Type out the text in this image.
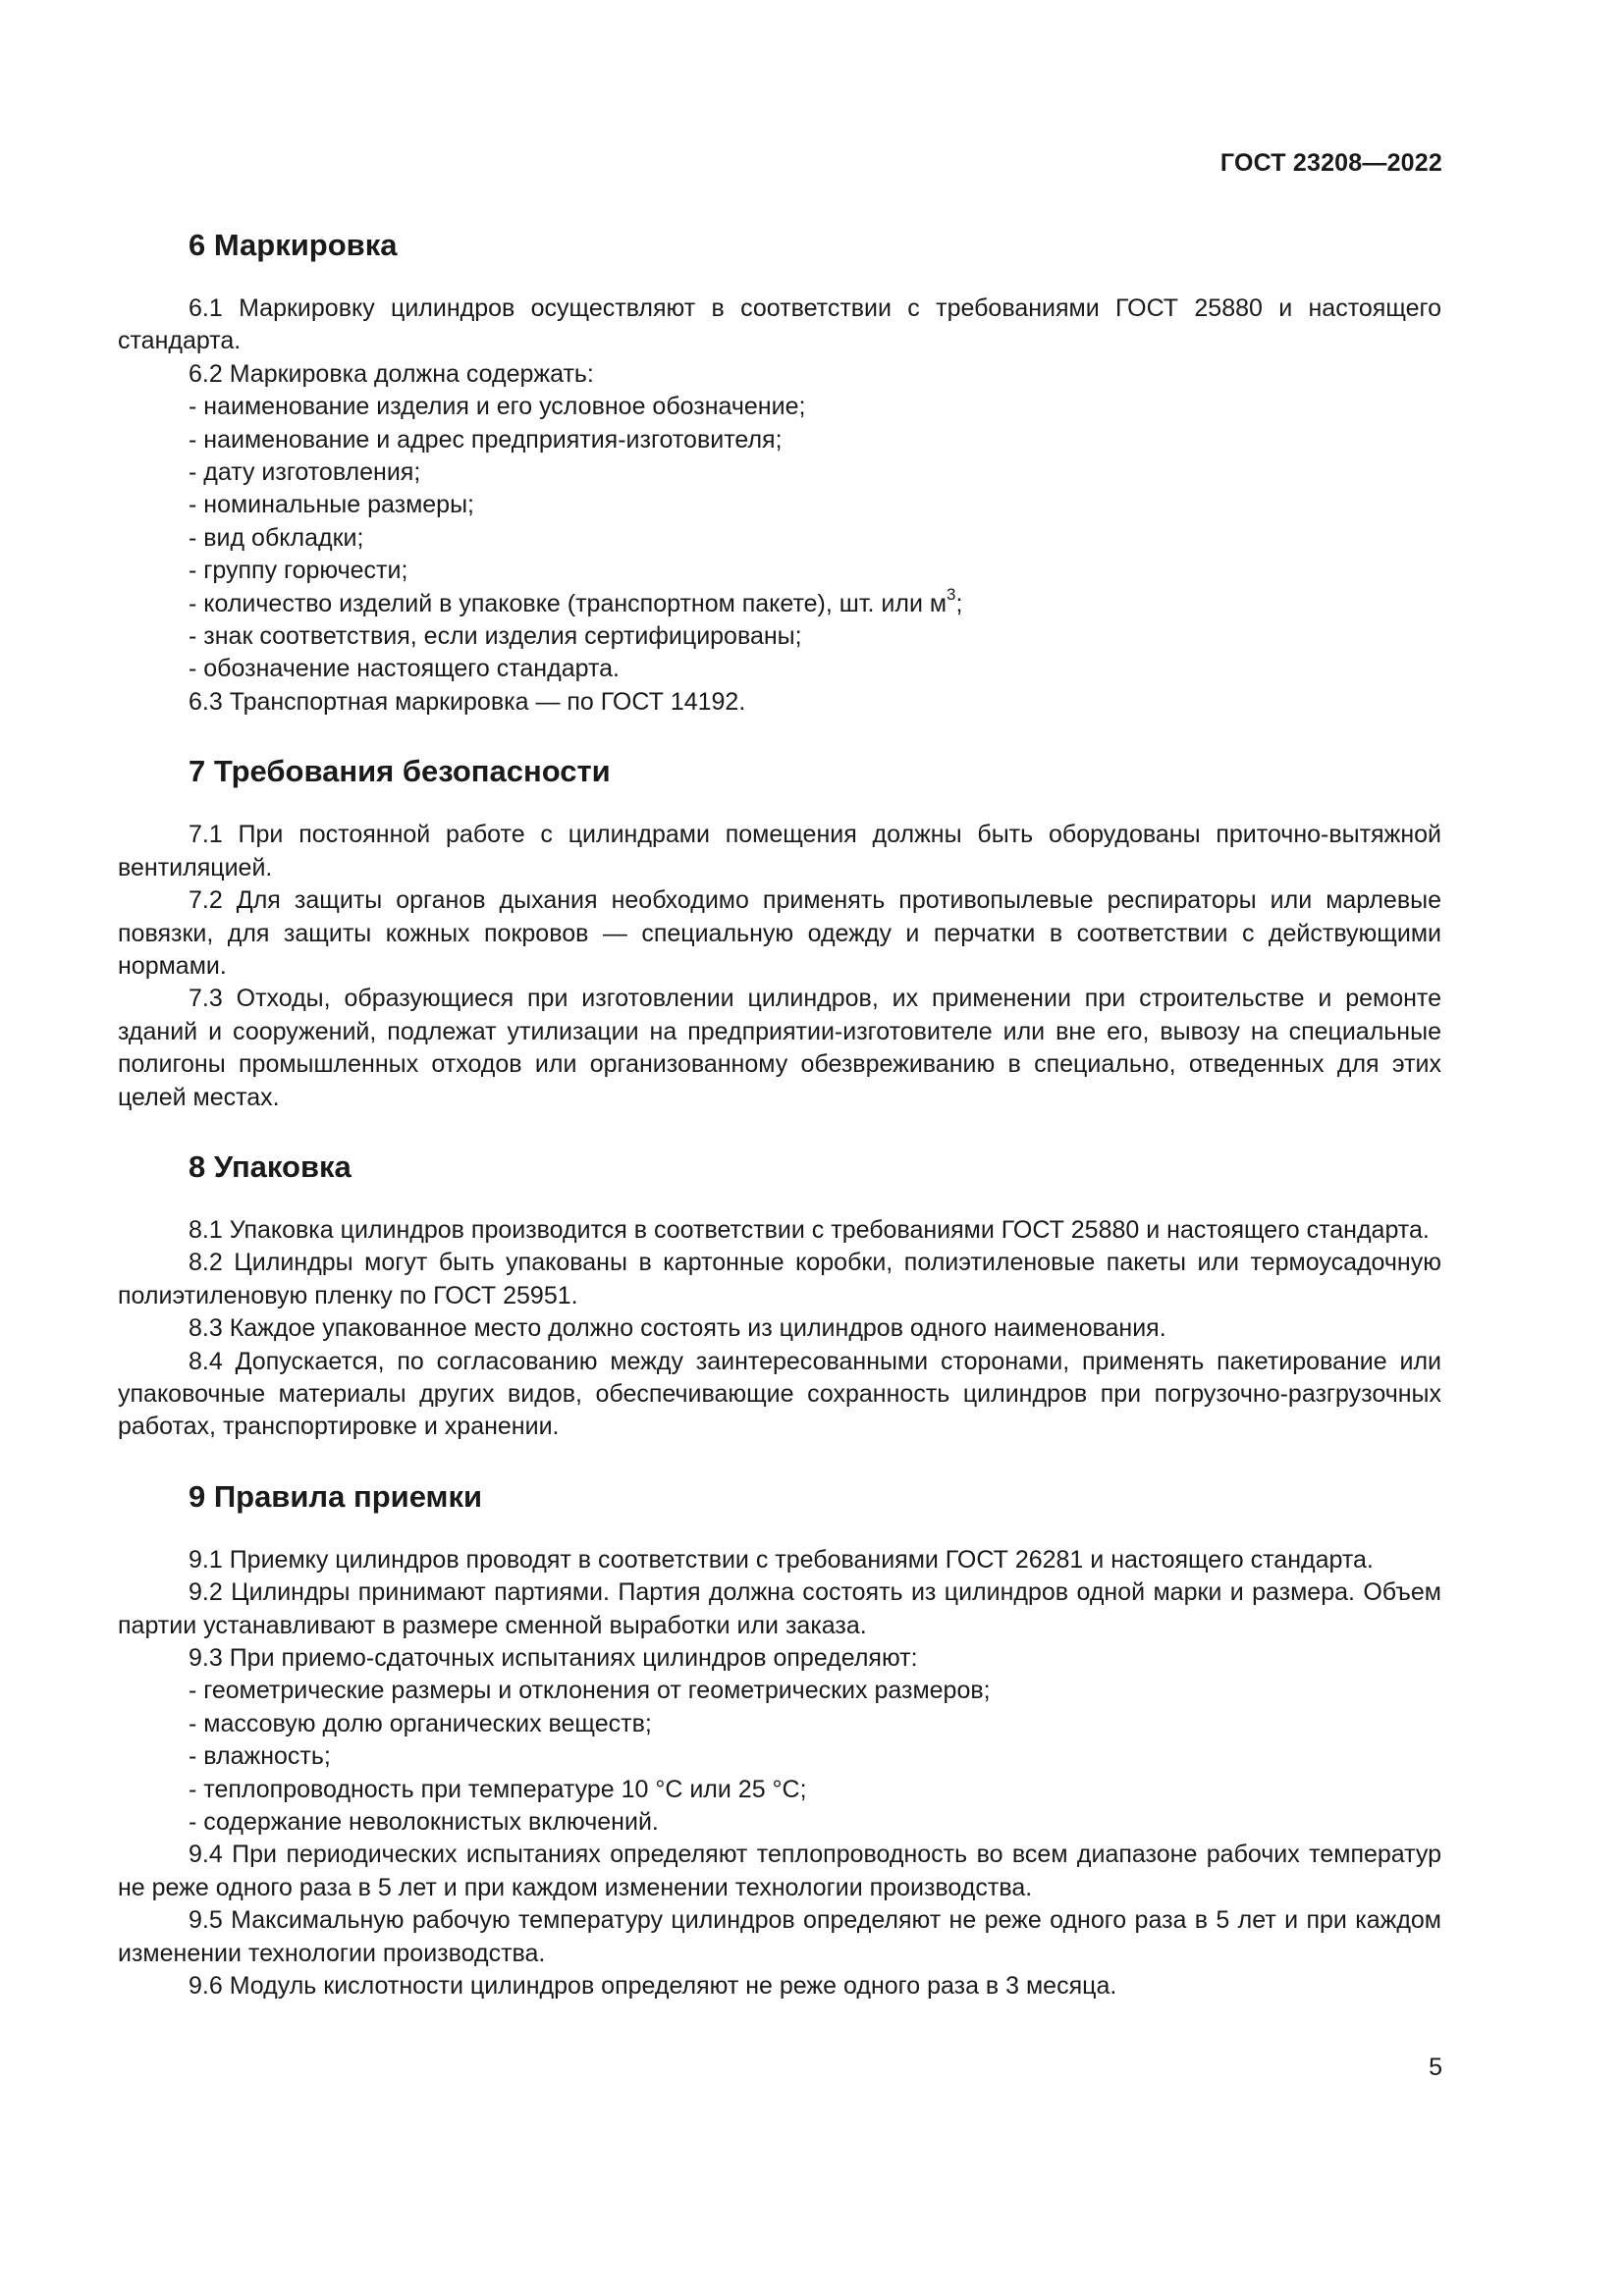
ГОСТ 23208—2022
6 Маркировка

6.1 Маркировку цилиндров осуществляют в соответствии с требованиями ГОСТ 25880 и настоящего стандарта.

6.2 Маркировка должна содержать:
- наименование изделия и его условное обозначение;
- наименование и адрес предприятия-изготовителя;
- дату изготовления;
- номинальные размеры;
- вид обкладки;
- группу горючести;
- количество изделий в упаковке (транспортном пакете), шт. или $м^3$;
- знак соответствия, если изделия сертифицированы;
- обозначение настоящего стандарта.
6.3 Транспортная маркировка — по ГОСТ 14192.
7 Требования безопасности

7.1 При постоянной работе с цилиндрами помещения должны быть оборудованы приточно-вытяжной вентиляцией.

7.2 Для защиты органов дыхания необходимо применять противопылевые респираторы или марлевые повязки, для защиты кожных покровов — специальную одежду и перчатки в соответствии с действующими нормами.

7.3 Отходы, образующиеся при изготовлении цилиндров, их применении при строительстве и ремонте зданий и сооружений, подлежат утилизации на предприятии-изготовителе или вне его, вывозу на специальные полигоны промышленных отходов или организованному обезвреживанию в специально, отведенных для этих целей местах.

8 Упаковка

8.1 Упаковка цилиндров производится в соответствии с требованиями ГОСТ 25880 и настоящего стандарта.

8.2 Цилиндры могут быть упакованы в картонные коробки, полиэтиленовые пакеты или термоусадочную полиэтиленовую пленку по ГОСТ 25951.

8.3 Каждое упакованное место должно состоять из цилиндров одного наименования.

8.4 Допускается, по согласованию между заинтересованными сторонами, применять пакетирование или упаковочные материалы других видов, обеспечивающие сохранность цилиндров при погрузочно-разгрузочных работах, транспортировке и хранении.

9 Правила приемки

9.1 Приемку цилиндров проводят в соответствии с требованиями ГОСТ 26281 и настоящего стандарта.

9.2 Цилиндры принимают партиями. Партия должна состоять из цилиндров одной марки и размера. Объем партии устанавливают в размере сменной выработки или заказа.

9.3 При приемо-сдаточных испытаниях цилиндров определяют:
- геометрические размеры и отклонения от геометрических размеров;
- массовую долю органических веществ;
- влажность;
- теплопроводность при температуре 10 °С или 25 °С;
- содержание неволокнистых включений.

9.4 При периодических испытаниях определяют теплопроводность во всем диапазоне рабочих температур не реже одного раза в 5 лет и при каждом изменении технологии производства.

9.5 Максимальную рабочую температуру цилиндров определяют не реже одного раза в 5 лет и при каждом изменении технологии производства.

9.6 Модуль кислотности цилиндров определяют не реже одного раза в 3 месяца.

5
